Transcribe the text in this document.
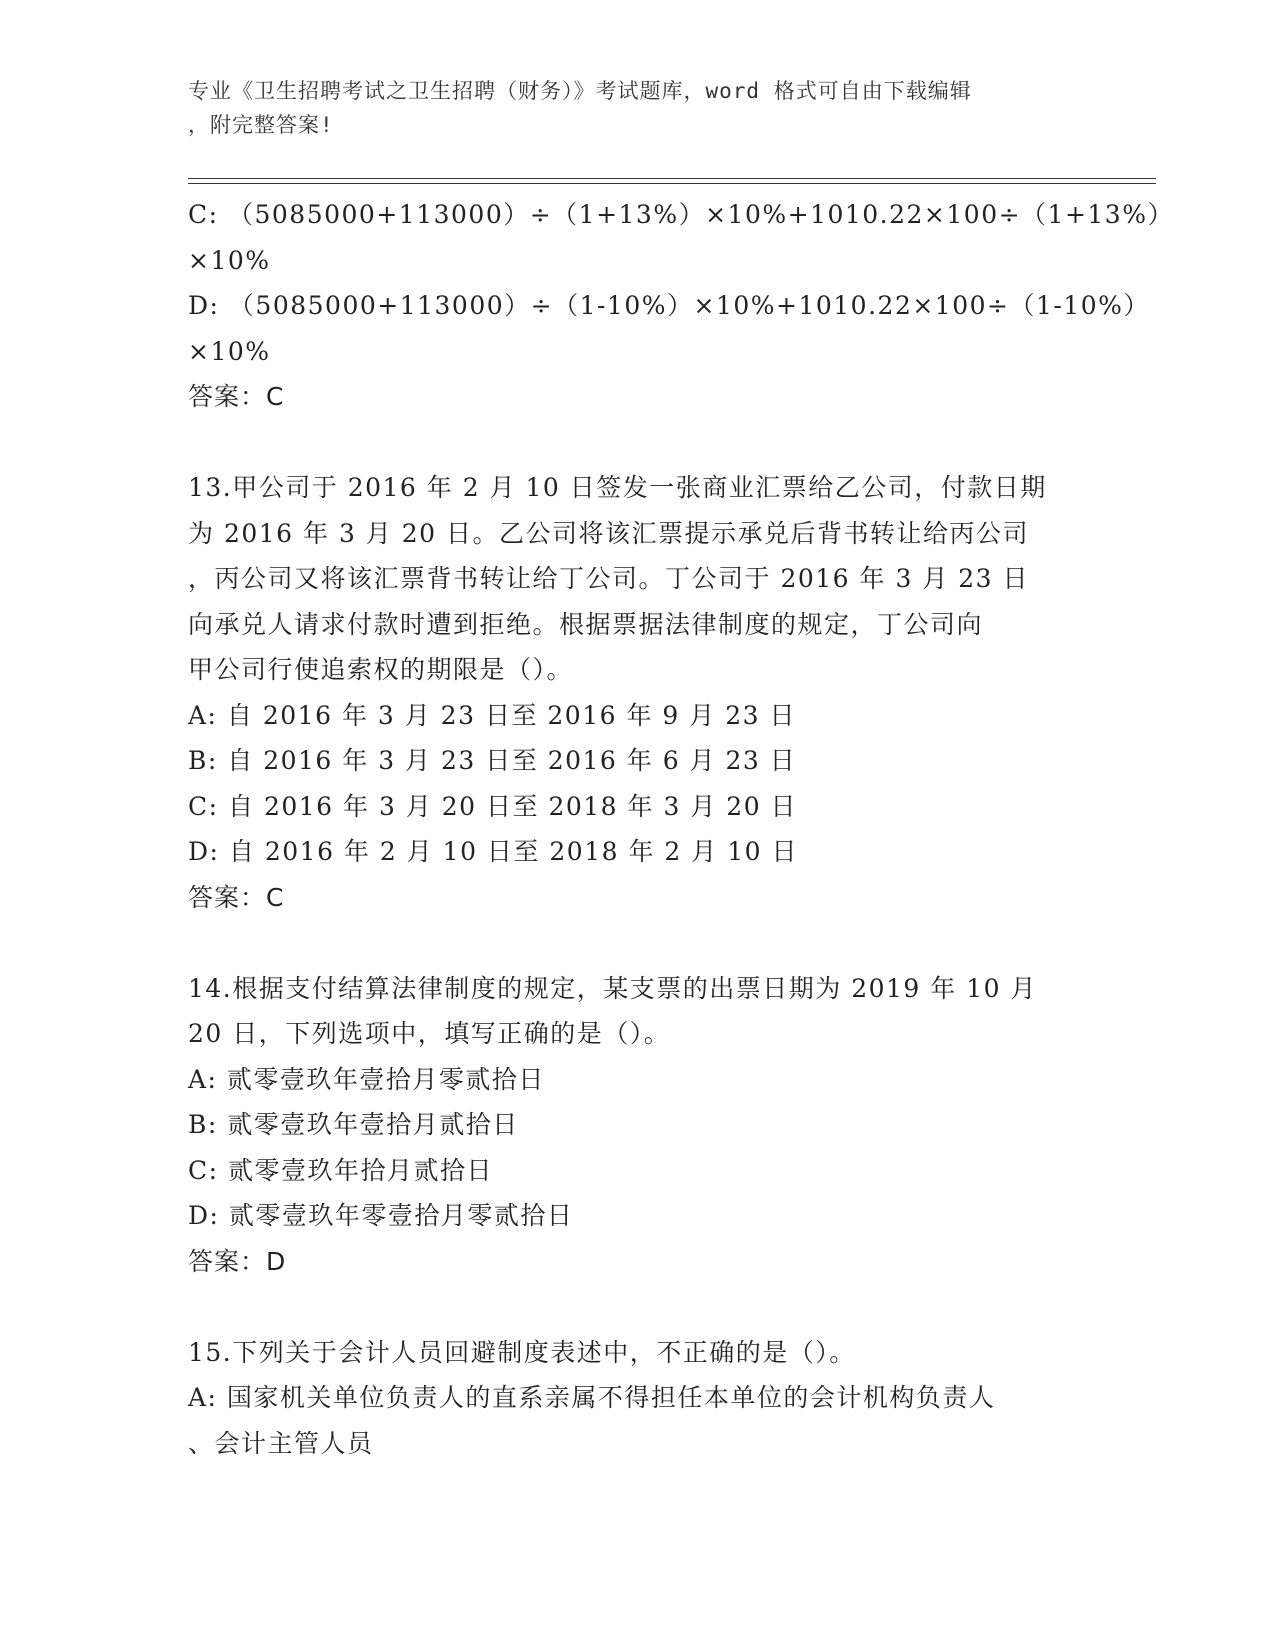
专业《卫生招聘考试之卫生招聘（财务）》考试题库，word 格式可自由下载编辑
，附完整答案!
C: （5085000+113000）÷（1+13%）×10%+1010.22×100÷（1+13%）
×10%
D: （5085000+113000）÷（1-10%）×10%+1010.22×100÷（1-10%）
×10%
答案：C
13.甲公司于 2016 年 2 月 10 日签发一张商业汇票给乙公司，付款日期
为 2016 年 3 月 20 日。乙公司将该汇票提示承兑后背书转让给丙公司
，丙公司又将该汇票背书转让给丁公司。丁公司于 2016 年 3 月 23 日
向承兑人请求付款时遭到拒绝。根据票据法律制度的规定，丁公司向
甲公司行使追索权的期限是（）。
A: 自 2016 年 3 月 23 日至 2016 年 9 月 23 日
B: 自 2016 年 3 月 23 日至 2016 年 6 月 23 日
C: 自 2016 年 3 月 20 日至 2018 年 3 月 20 日
D: 自 2016 年 2 月 10 日至 2018 年 2 月 10 日
答案：C
14.根据支付结算法律制度的规定，某支票的出票日期为 2019 年 10 月
20 日，下列选项中，填写正确的是（）。
A: 贰零壹玖年壹拾月零贰拾日
B: 贰零壹玖年壹拾月贰拾日
C: 贰零壹玖年拾月贰拾日
D: 贰零壹玖年零壹拾月零贰拾日
答案：D
15.下列关于会计人员回避制度表述中，不正确的是（）。
A: 国家机关单位负责人的直系亲属不得担任本单位的会计机构负责人
、会计主管人员
